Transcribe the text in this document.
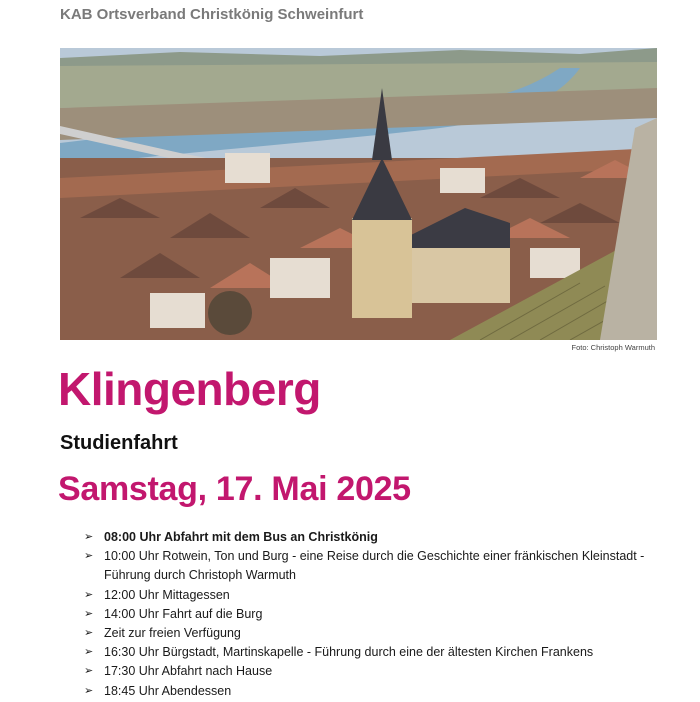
KAB Ortsverband Christkönig Schweinfurt
Foto: Christoph Warmuth
Klingenberg
Studienfahrt
Samstag, 17. Mai 2025
➢ 08:00 Uhr Abfahrt mit dem Bus an Christkönig
➢ 10:00 Uhr Rotwein, Ton und Burg - eine Reise durch die Geschichte einer fränkischen Kleinstadt - Führung durch Christoph Warmuth
➢ 12:00 Uhr Mittagessen
➢ 14:00 Uhr Fahrt auf die Burg
➢ Zeit zur freien Verfügung
➢ 16:30 Uhr Bürgstadt, Martinskapelle - Führung durch eine der ältesten Kirchen Frankens
➢ 17:30 Uhr Abfahrt nach Hause
➢ 18:45 Uhr Abendessen
